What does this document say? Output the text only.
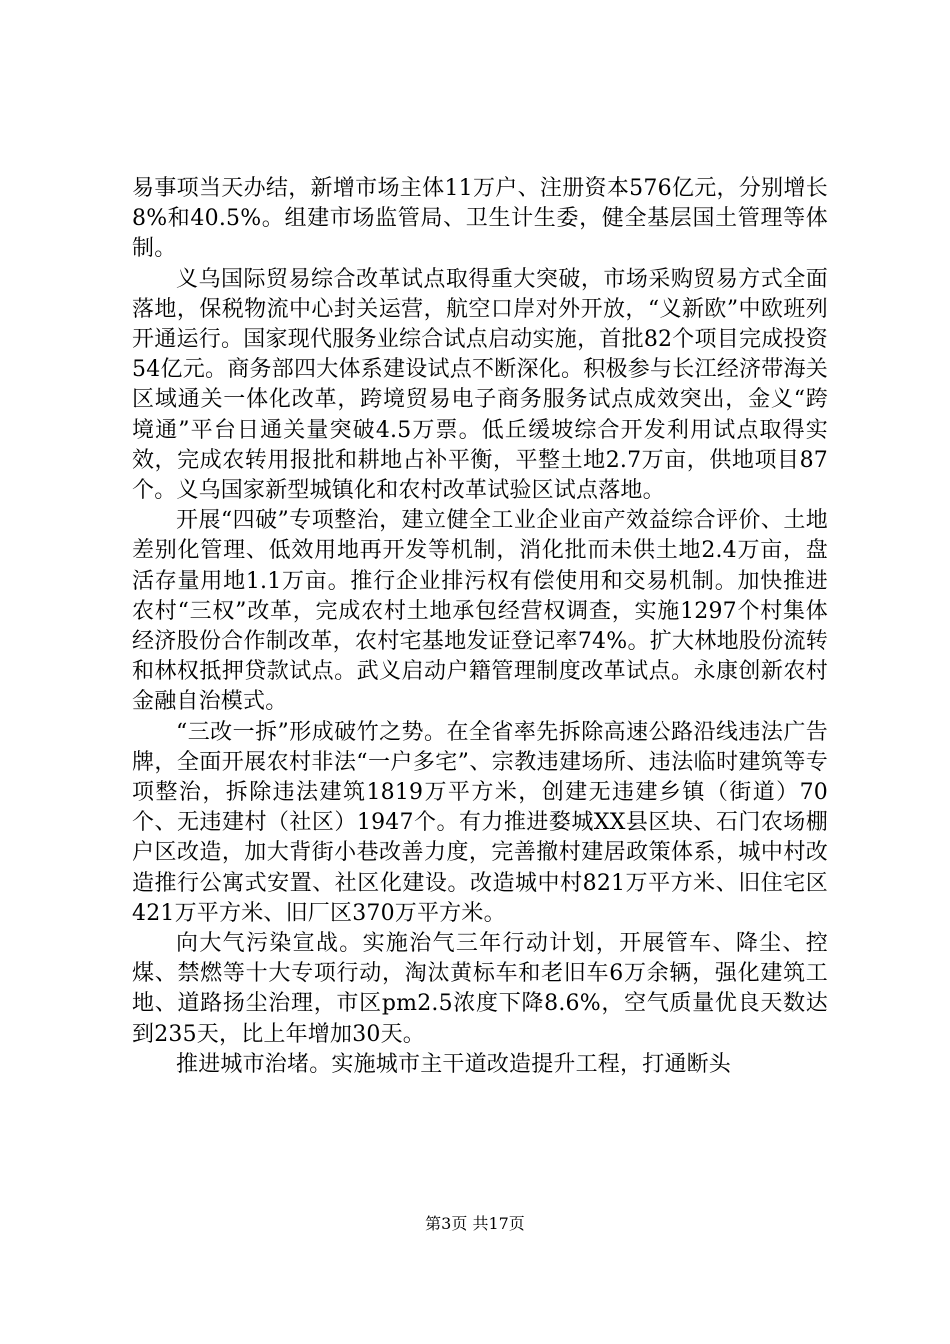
易事项当天办结，新增市场主体11万户、注册资本576亿元，分别增长8%和40.5%。组建市场监管局、卫生计生委，健全基层国土管理等体制。

义乌国际贸易综合改革试点取得重大突破，市场采购贸易方式全面落地，保税物流中心封关运营，航空口岸对外开放，“义新欧”中欧班列开通运行。国家现代服务业综合试点启动实施，首批82个项目完成投资54亿元。商务部四大体系建设试点不断深化。积极参与长江经济带海关区域通关一体化改革，跨境贸易电子商务服务试点成效突出，金义“跨境通”平台日通关量突破4.5万票。低丘缓坡综合开发利用试点取得实效，完成农转用报批和耕地占补平衡，平整土地2.7万亩，供地项目87个。义乌国家新型城镇化和农村改革试验区试点落地。

开展“四破”专项整治，建立健全工业企业亩产效益综合评价、土地差别化管理、低效用地再开发等机制，消化批而未供土地2.4万亩，盘活存量用地1.1万亩。推行企业排污权有偿使用和交易机制。加快推进农村“三权”改革，完成农村土地承包经营权调查，实施1297个村集体经济股份合作制改革，农村宅基地发证登记率74%。扩大林地股份流转和林权抵押贷款试点。武义启动户籍管理制度改革试点。永康创新农村金融自治模式。

“三改一拆”形成破竹之势。在全省率先拆除高速公路沿线违法广告牌，全面开展农村非法“一户多宅”、宗教违建场所、违法临时建筑等专项整治，拆除违法建筑1819万平方米，创建无违建乡镇（街道）70个、无违建村（社区）1947个。有力推进婺城XX县区块、石门农场棚户区改造，加大背街小巷改善力度，完善撤村建居政策体系，城中村改造推行公寓式安置、社区化建设。改造城中村821万平方米、旧住宅区421万平方米、旧厂区370万平方米。

向大气污染宣战。实施治气三年行动计划，开展管车、降尘、控煤、禁燃等十大专项行动，淘汰黄标车和老旧车6万余辆，强化建筑工地、道路扬尘治理，市区pm2.5浓度下降8.6%，空气质量优良天数达到235天，比上年增加30天。

推进城市治堵。实施城市主干道改造提升工程，打通断头

第3页 共17页
